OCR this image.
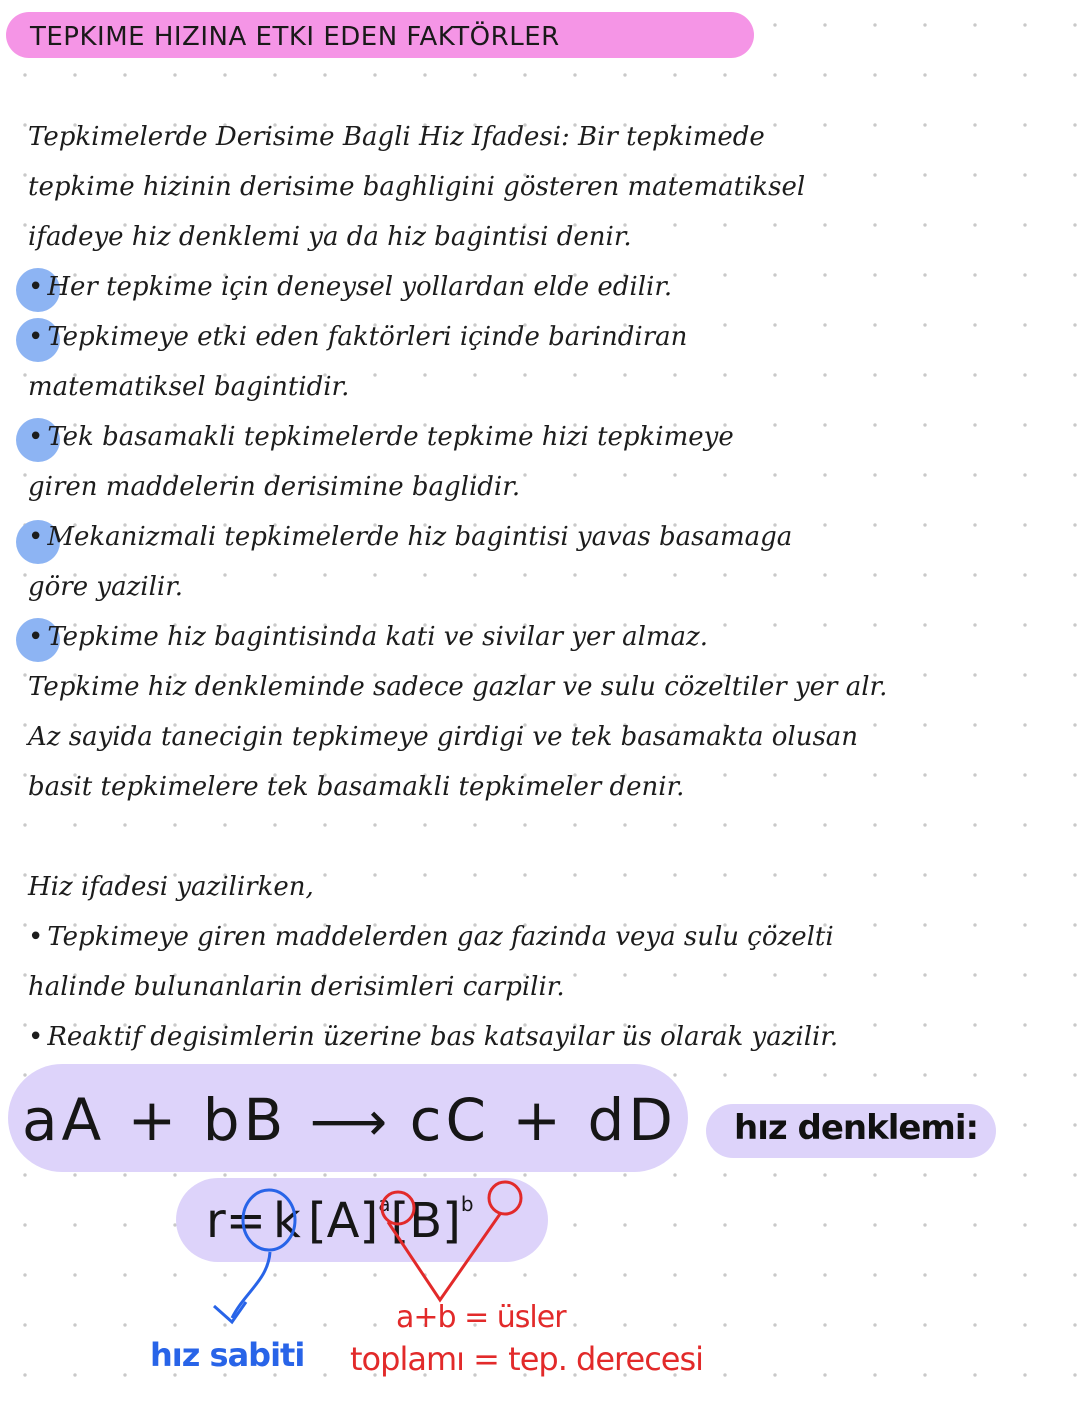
TEPKIME HIZINA ETKI EDEN FAKTÖRLER
Tepkimelerde Derisime Bagli Hiz Ifadesi: Bir tepkimede
tepkime hizinin derisime baghligini gösteren matematiksel
ifadeye hiz denklemi ya da hiz bagintisi denir.
• Her tepkime için deneysel yollardan elde edilir.
• Tepkimeye etki eden faktörleri içinde barindiran
matematiksel bagintidir.
• Tek basamakli tepkimelerde tepkime hizi tepkimeye
giren maddelerin derisimine baglidir.
• Mekanizmali tepkimelerde hiz bagintisi yavas basamaga
göre yazilir.
• Tepkime hiz bagintisinda kati ve sivilar yer almaz.
Tepkime hiz denkleminde sadece gazlar ve sulu cözeltiler yer alr.
Az sayida tanecigin tepkimeye girdigi ve tek basamakta olusan
basit tepkimelere tek basamakli tepkimeler denir.
Hiz ifadesi yazilirken,
• Tepkimeye giren maddelerden gaz fazinda veya sulu çözelti
halinde bulunanlarin derisimleri carpilir.
• Reaktif degisimlerin üzerine bas katsayilar üs olarak yazilir.
aA + bB ⟶ cC + dD hız denklemi:
r= k $[A]^a[B]^b$
hız sabiti
a+b = üsler
toplamı = tep. derecesi
